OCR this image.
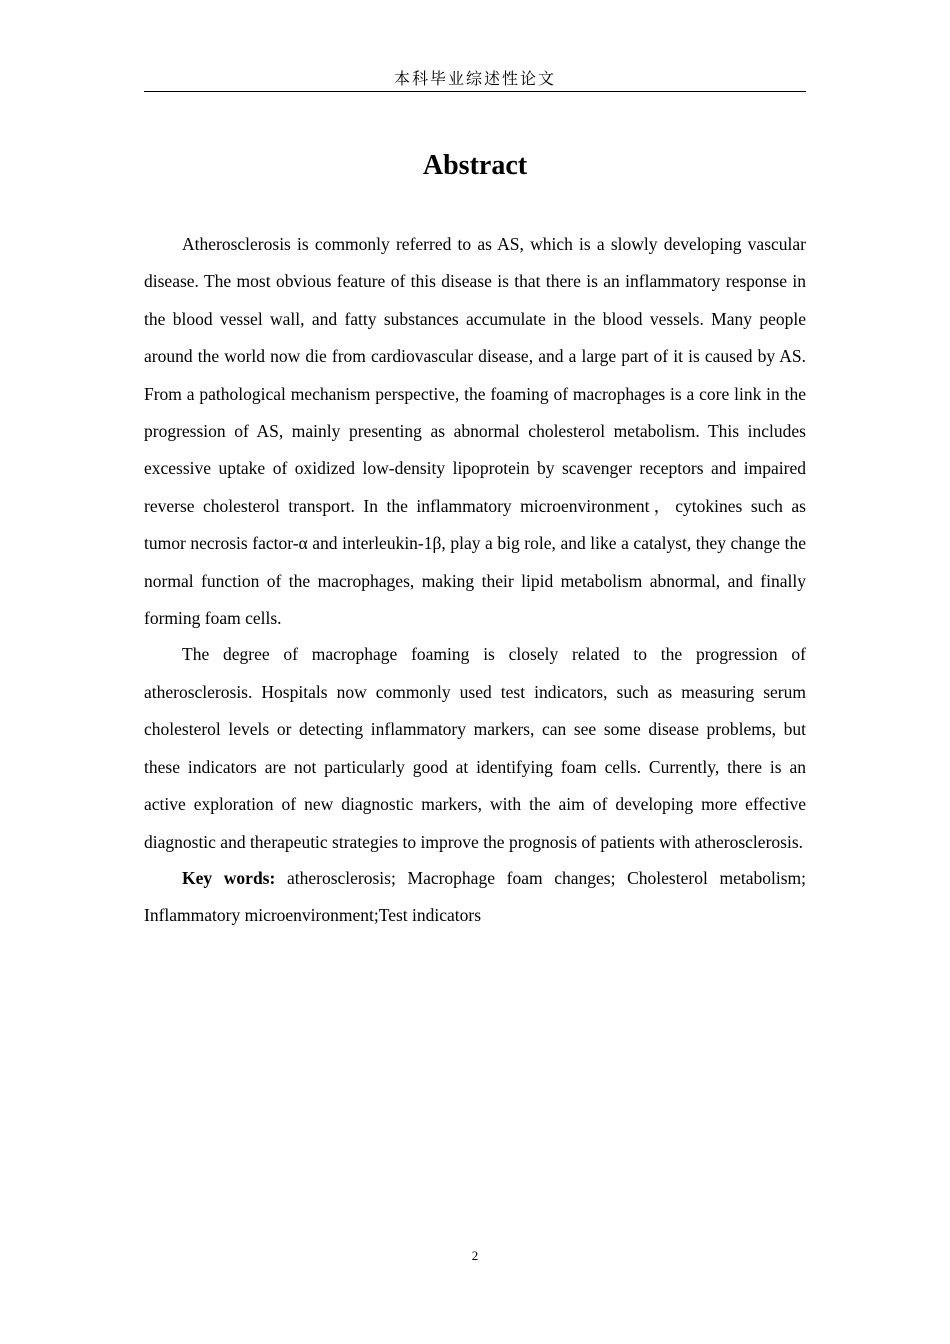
本科毕业综述性论文
Abstract

Atherosclerosis is commonly referred to as AS, which is a slowly developing vascular disease. The most obvious feature of this disease is that there is an inflammatory response in the blood vessel wall, and fatty substances accumulate in the blood vessels. Many people around the world now die from cardiovascular disease, and a large part of it is caused by AS. From a pathological mechanism perspective, the foaming of macrophages is a core link in the progression of AS, mainly presenting as abnormal cholesterol metabolism. This includes excessive uptake of oxidized low-density lipoprotein by scavenger receptors and impaired reverse cholesterol transport. In the inflammatory microenvironment，cytokines such as tumor necrosis factor-α and interleukin-1β, play a big role, and like a catalyst, they change the normal function of the macrophages, making their lipid metabolism abnormal, and finally forming foam cells.

The degree of macrophage foaming is closely related to the progression of atherosclerosis. Hospitals now commonly used test indicators, such as measuring serum cholesterol levels or detecting inflammatory markers, can see some disease problems, but these indicators are not particularly good at identifying foam cells. Currently, there is an active exploration of new diagnostic markers, with the aim of developing more effective diagnostic and therapeutic strategies to improve the prognosis of patients with atherosclerosis.

Key words: atherosclerosis; Macrophage foam changes; Cholesterol metabolism; Inflammatory microenvironment;Test indicators

2
